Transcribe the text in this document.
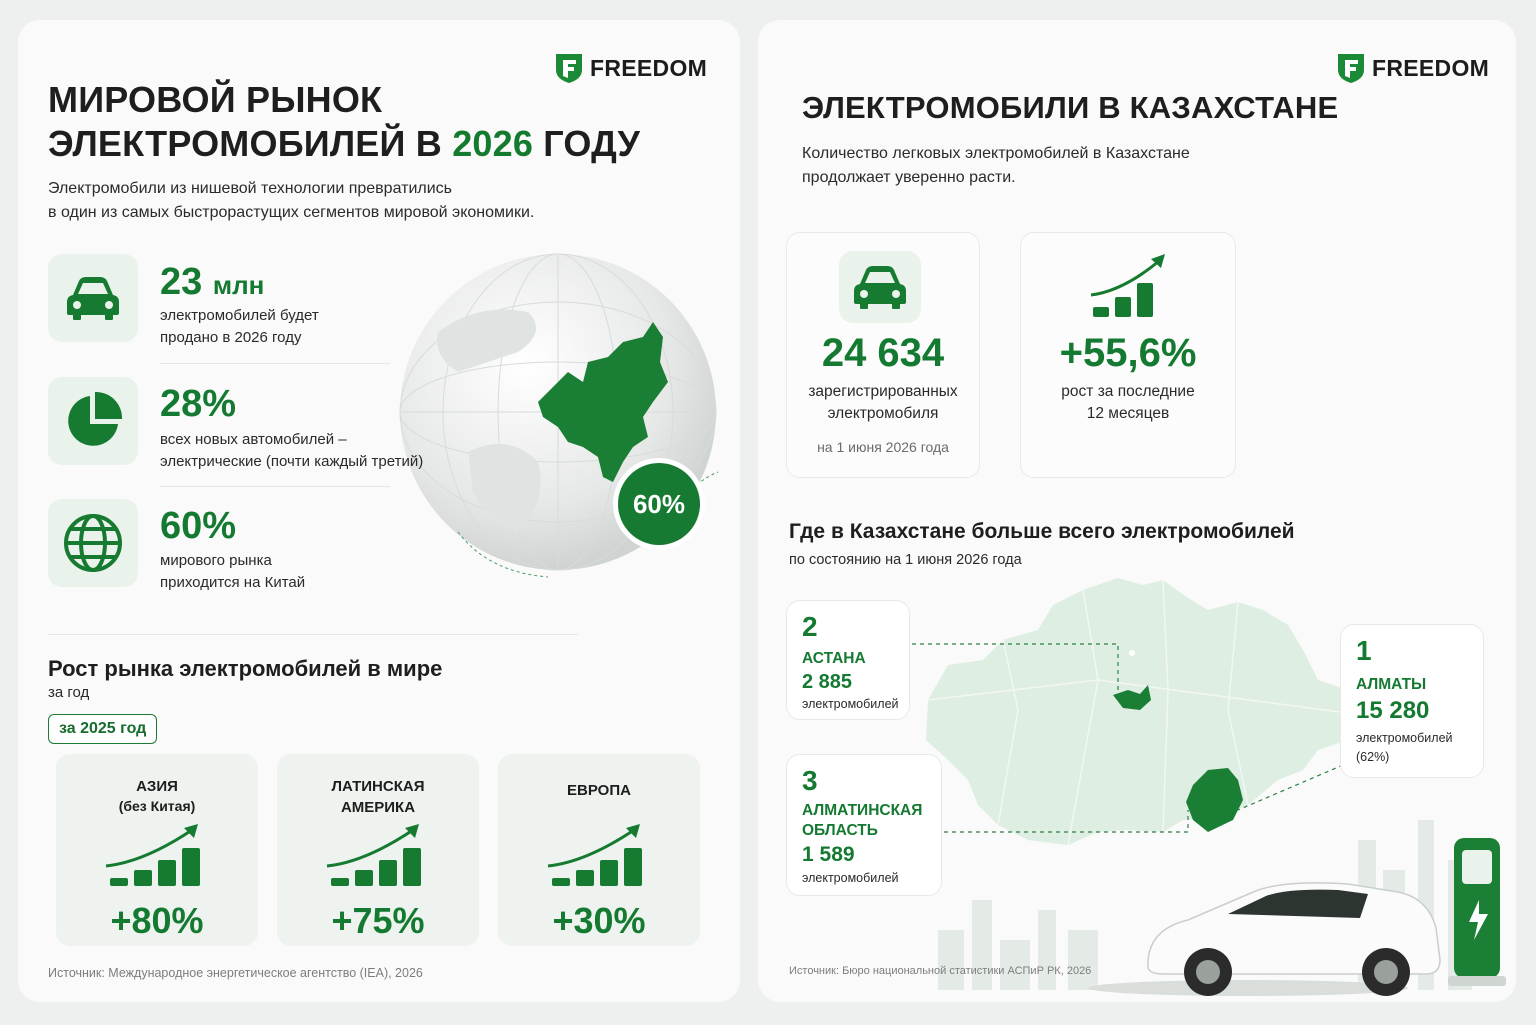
FREEDOM
МИРОВОЙ РЫНОК
ЭЛЕКТРОМОБИЛЕЙ В 2026 ГОДУ
Электромобили из нишевой технологии превратились
в один из самых быстрорастущих сегментов мировой экономики.
60%
23 млн
электромобилей будет
продано в 2026 году
28%
всех новых автомобилей –
электрические (почти каждый третий)
60%
мирового рынка
приходится на Китай
Рост рынка электромобилей в мире
за год
за 2025 год
АЗИЯ
(без Китая)
+80%
ЛАТИНСКАЯ АМЕРИКА
+75%
ЕВРОПА
+30%
Источник: Международное энергетическое агентство (IEA), 2026
FREEDOM
ЭЛЕКТРОМОБИЛИ В КАЗАХСТАНЕ
Количество легковых электромобилей в Казахстане
продолжает уверенно расти.
24 634
зарегистрированных
электромобиля
на 1 июня 2026 года
+55,6%
рост за последние
12 месяцев
Где в Казахстане больше всего электромобилей
по состоянию на 1 июня 2026 года
2
АСТАНА
2 885
электромобилей
1
АЛМАТЫ
15 280
электромобилей
(62%)
3
АЛМАТИНСКАЯ
ОБЛАСТЬ
1 589
электромобилей
Источник: Бюро национальной статистики АСПиР РК, 2026
